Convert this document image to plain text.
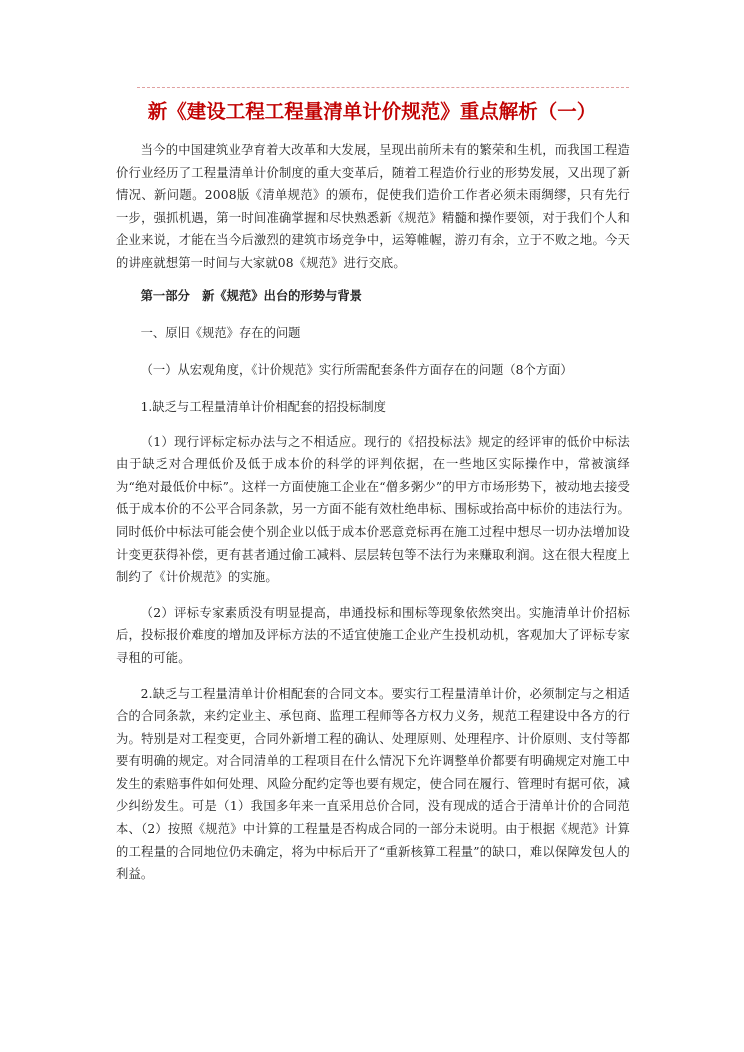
新《建设工程工程量清单计价规范》重点解析（一）

当今的中国建筑业孕育着大改革和大发展，呈现出前所未有的繁荣和生机，而我国工程造价行业经历了工程量清单计价制度的重大变革后，随着工程造价行业的形势发展，又出现了新情况、新问题。2008版《清单规范》的颁布，促使我们造价工作者必须未雨绸缪，只有先行一步，强抓机遇，第一时间准确掌握和尽快熟悉新《规范》精髓和操作要领，对于我们个人和企业来说，才能在当今后激烈的建筑市场竞争中，运筹帷幄，游刃有余，立于不败之地。今天的讲座就想第一时间与大家就08《规范》进行交底。

第一部分　新《规范》出台的形势与背景

一、原旧《规范》存在的问题

（一）从宏观角度，《计价规范》实行所需配套条件方面存在的问题（8个方面）

1.缺乏与工程量清单计价相配套的招投标制度

（1）现行评标定标办法与之不相适应。现行的《招投标法》规定的经评审的低价中标法由于缺乏对合理低价及低于成本价的科学的评判依据，在一些地区实际操作中，常被演绎为“绝对最低价中标”。这样一方面使施工企业在“僧多粥少”的甲方市场形势下，被动地去接受低于成本价的不公平合同条款，另一方面不能有效杜绝串标、围标或抬高中标价的违法行为。同时低价中标法可能会使个别企业以低于成本价恶意竞标再在施工过程中想尽一切办法增加设计变更获得补偿，更有甚者通过偷工减料、层层转包等不法行为来赚取利润。这在很大程度上制约了《计价规范》的实施。

（2）评标专家素质没有明显提高，串通投标和围标等现象依然突出。实施清单计价招标后，投标报价难度的增加及评标方法的不适宜使施工企业产生投机动机，客观加大了评标专家寻租的可能。

2.缺乏与工程量清单计价相配套的合同文本。要实行工程量清单计价，必须制定与之相适合的合同条款，来约定业主、承包商、监理工程师等各方权力义务，规范工程建设中各方的行为。特别是对工程变更，合同外新增工程的确认、处理原则、处理程序、计价原则、支付等都要有明确的规定。对合同清单的工程项目在什么情况下允许调整单价都要有明确规定对施工中发生的索赔事件如何处理、风险分配约定等也要有规定，使合同在履行、管理时有据可依，减少纠纷发生。可是（1）我国多年来一直采用总价合同，没有现成的适合于清单计价的合同范本、（2）按照《规范》中计算的工程量是否构成合同的一部分未说明。由于根据《规范》计算的工程量的合同地位仍未确定，将为中标后开了“重新核算工程量”的缺口，难以保障发包人的利益。
